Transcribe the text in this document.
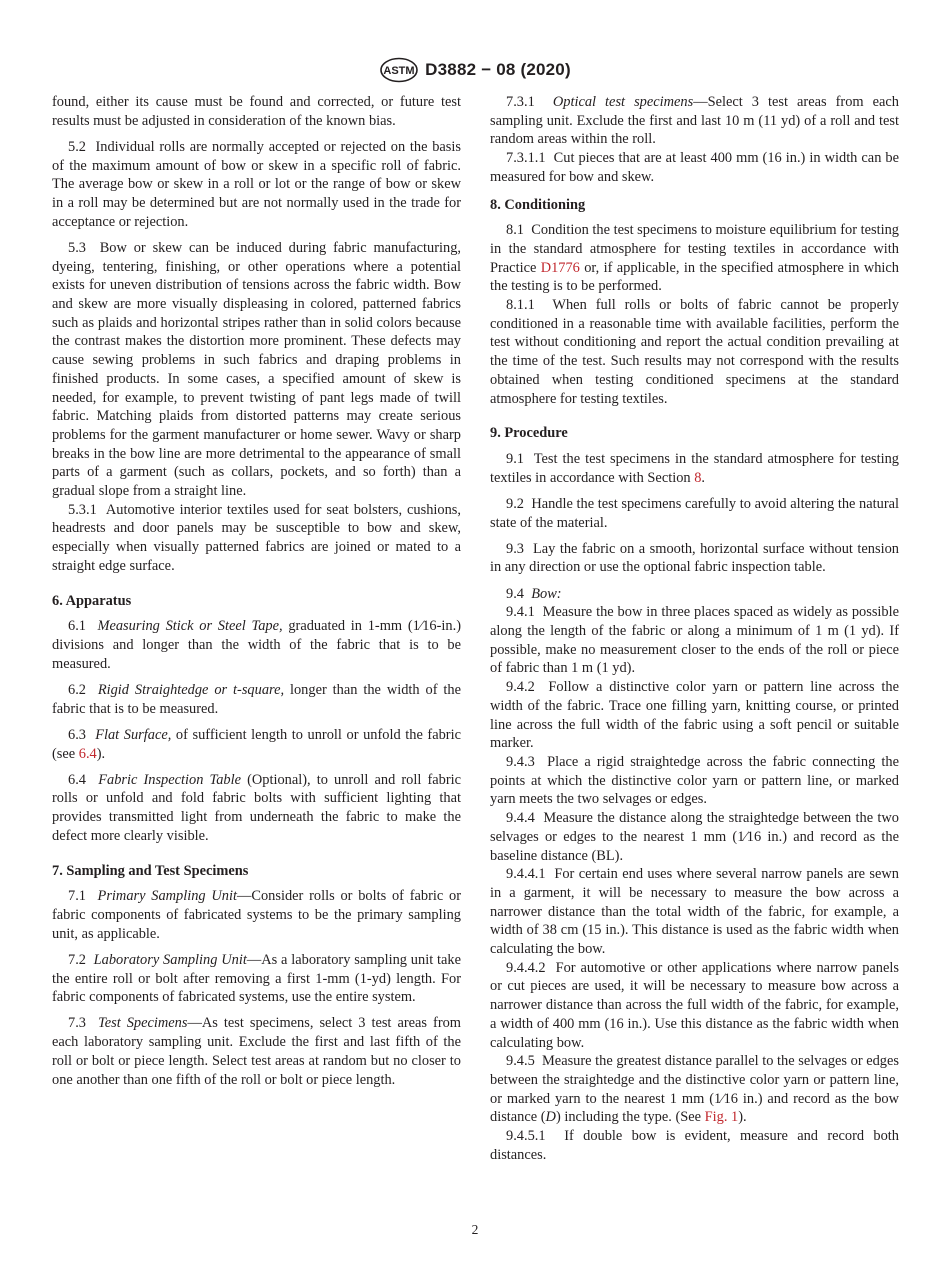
ASTM D3882 − 08 (2020)

found, either its cause must be found and corrected, or future test results must be adjusted in consideration of the known bias.

5.2 Individual rolls are normally accepted or rejected on the basis of the maximum amount of bow or skew in a specific roll of fabric. The average bow or skew in a roll or lot or the range of bow or skew in a roll may be determined but are not normally used in the trade for acceptance or rejection.

5.3 Bow or skew can be induced during fabric manufacturing, dyeing, tentering, finishing, or other operations where a potential exists for uneven distribution of tensions across the fabric width. Bow and skew are more visually displeasing in colored, patterned fabrics such as plaids and horizontal stripes rather than in solid colors because the contrast makes the distortion more prominent. These defects may cause sewing problems in such fabrics and draping problems in finished products. In some cases, a specified amount of skew is needed, for example, to prevent twisting of pant legs made of twill fabric. Matching plaids from distorted patterns may create serious problems for the garment manufacturer or home sewer. Wavy or sharp breaks in the bow line are more detrimental to the appearance of small parts of a garment (such as collars, pockets, and so forth) than a gradual slope from a straight line.

5.3.1 Automotive interior textiles used for seat bolsters, cushions, headrests and door panels may be susceptible to bow and skew, especially when visually patterned fabrics are joined or mated to a straight edge surface.

6. Apparatus

6.1 Measuring Stick or Steel Tape, graduated in 1-mm (1⁄16-in.) divisions and longer than the width of the fabric that is to be measured.

6.2 Rigid Straightedge or t-square, longer than the width of the fabric that is to be measured.

6.3 Flat Surface, of sufficient length to unroll or unfold the fabric (see 6.4).

6.4 Fabric Inspection Table (Optional), to unroll and roll fabric rolls or unfold and fold fabric bolts with sufficient lighting that provides transmitted light from underneath the fabric to make the defect more clearly visible.

7. Sampling and Test Specimens

7.1 Primary Sampling Unit—Consider rolls or bolts of fabric or fabric components of fabricated systems to be the primary sampling unit, as applicable.

7.2 Laboratory Sampling Unit—As a laboratory sampling unit take the entire roll or bolt after removing a first 1-mm (1-yd) length. For fabric components of fabricated systems, use the entire system.

7.3 Test Specimens—As test specimens, select 3 test areas from each laboratory sampling unit. Exclude the first and last fifth of the roll or bolt or piece length. Select test areas at random but no closer to one another than one fifth of the roll or bolt or piece length.

7.3.1 Optical test specimens—Select 3 test areas from each sampling unit. Exclude the first and last 10 m (11 yd) of a roll and test random areas within the roll.

7.3.1.1 Cut pieces that are at least 400 mm (16 in.) in width can be measured for bow and skew.

8. Conditioning

8.1 Condition the test specimens to moisture equilibrium for testing in the standard atmosphere for testing textiles in accordance with Practice D1776 or, if applicable, in the specified atmosphere in which the testing is to be performed.

8.1.1 When full rolls or bolts of fabric cannot be properly conditioned in a reasonable time with available facilities, perform the test without conditioning and report the actual condition prevailing at the time of the test. Such results may not correspond with the results obtained when testing conditioned specimens at the standard atmosphere for testing textiles.

9. Procedure

9.1 Test the test specimens in the standard atmosphere for testing textiles in accordance with Section 8.

9.2 Handle the test specimens carefully to avoid altering the natural state of the material.

9.3 Lay the fabric on a smooth, horizontal surface without tension in any direction or use the optional fabric inspection table.

9.4 Bow:

9.4.1 Measure the bow in three places spaced as widely as possible along the length of the fabric or along a minimum of 1 m (1 yd). If possible, make no measurement closer to the ends of the roll or piece of fabric than 1 m (1 yd).

9.4.2 Follow a distinctive color yarn or pattern line across the width of the fabric. Trace one filling yarn, knitting course, or printed line across the full width of the fabric using a soft pencil or suitable marker.

9.4.3 Place a rigid straightedge across the fabric connecting the points at which the distinctive color yarn or pattern line, or marked yarn meets the two selvages or edges.

9.4.4 Measure the distance along the straightedge between the two selvages or edges to the nearest 1 mm (1⁄16 in.) and record as the baseline distance (BL).

9.4.4.1 For certain end uses where several narrow panels are sewn in a garment, it will be necessary to measure the bow across a narrower distance than the total width of the fabric, for example, a width of 38 cm (15 in.). This distance is used as the fabric width when calculating the bow.

9.4.4.2 For automotive or other applications where narrow panels or cut pieces are used, it will be necessary to measure bow across a narrower distance than across the full width of the fabric, for example, a width of 400 mm (16 in.). Use this distance as the fabric width when calculating bow.

9.4.5 Measure the greatest distance parallel to the selvages or edges between the straightedge and the distinctive color yarn or pattern line, or marked yarn to the nearest 1 mm (1⁄16 in.) and record as the bow distance (D) including the type. (See Fig. 1).

9.4.5.1 If double bow is evident, measure and record both distances.

2
